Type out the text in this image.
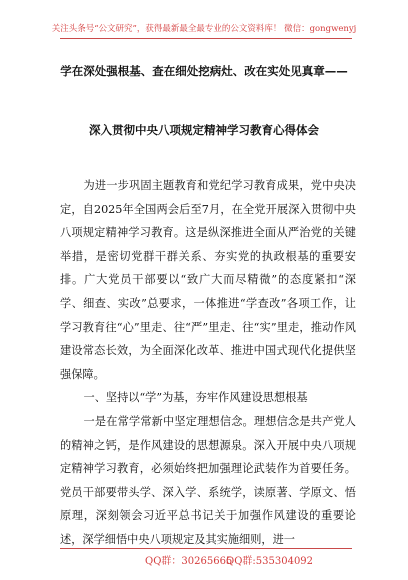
关注头条号“公文研究”，获得最新最全最专业的公文资料库！ 微信：gongwenyj
学在深处强根基、查在细处挖病灶、改在实处见真章——
深入贯彻中央八项规定精神学习教育心得体会

为进一步巩固主题教育和党纪学习教育成果，党中央决定，自2025年全国两会后至7月，在全党开展深入贯彻中央八项规定精神学习教育。这是纵深推进全面从严治党的关键举措，是密切党群干群关系、夯实党的执政根基的重要安排。广大党员干部要以“致广大而尽精微”的态度紧扣“深学、细查、实改”总要求，一体推进“学查改”各项工作，让学习教育往“心”里走、往“严”里走、往“实”里走，推动作风建设常态长效，为全面深化改革、推进中国式现代化提供坚强保障。

一、坚持以“学”为基，夯牢作风建设思想根基

一是在常学常新中坚定理想信念。理想信念是共产党人的精神之钙，是作风建设的思想源泉。深入开展中央八项规定精神学习教育，必须始终把加强理论武装作为首要任务。党员干部要带头学、深入学、系统学，读原著、学原文、悟原理，深刻领会习近平总书记关于加强作风建设的重要论述，深学细悟中央八项规定及其实施细则，进一

QQ群：30265665
QQ群:535304092
